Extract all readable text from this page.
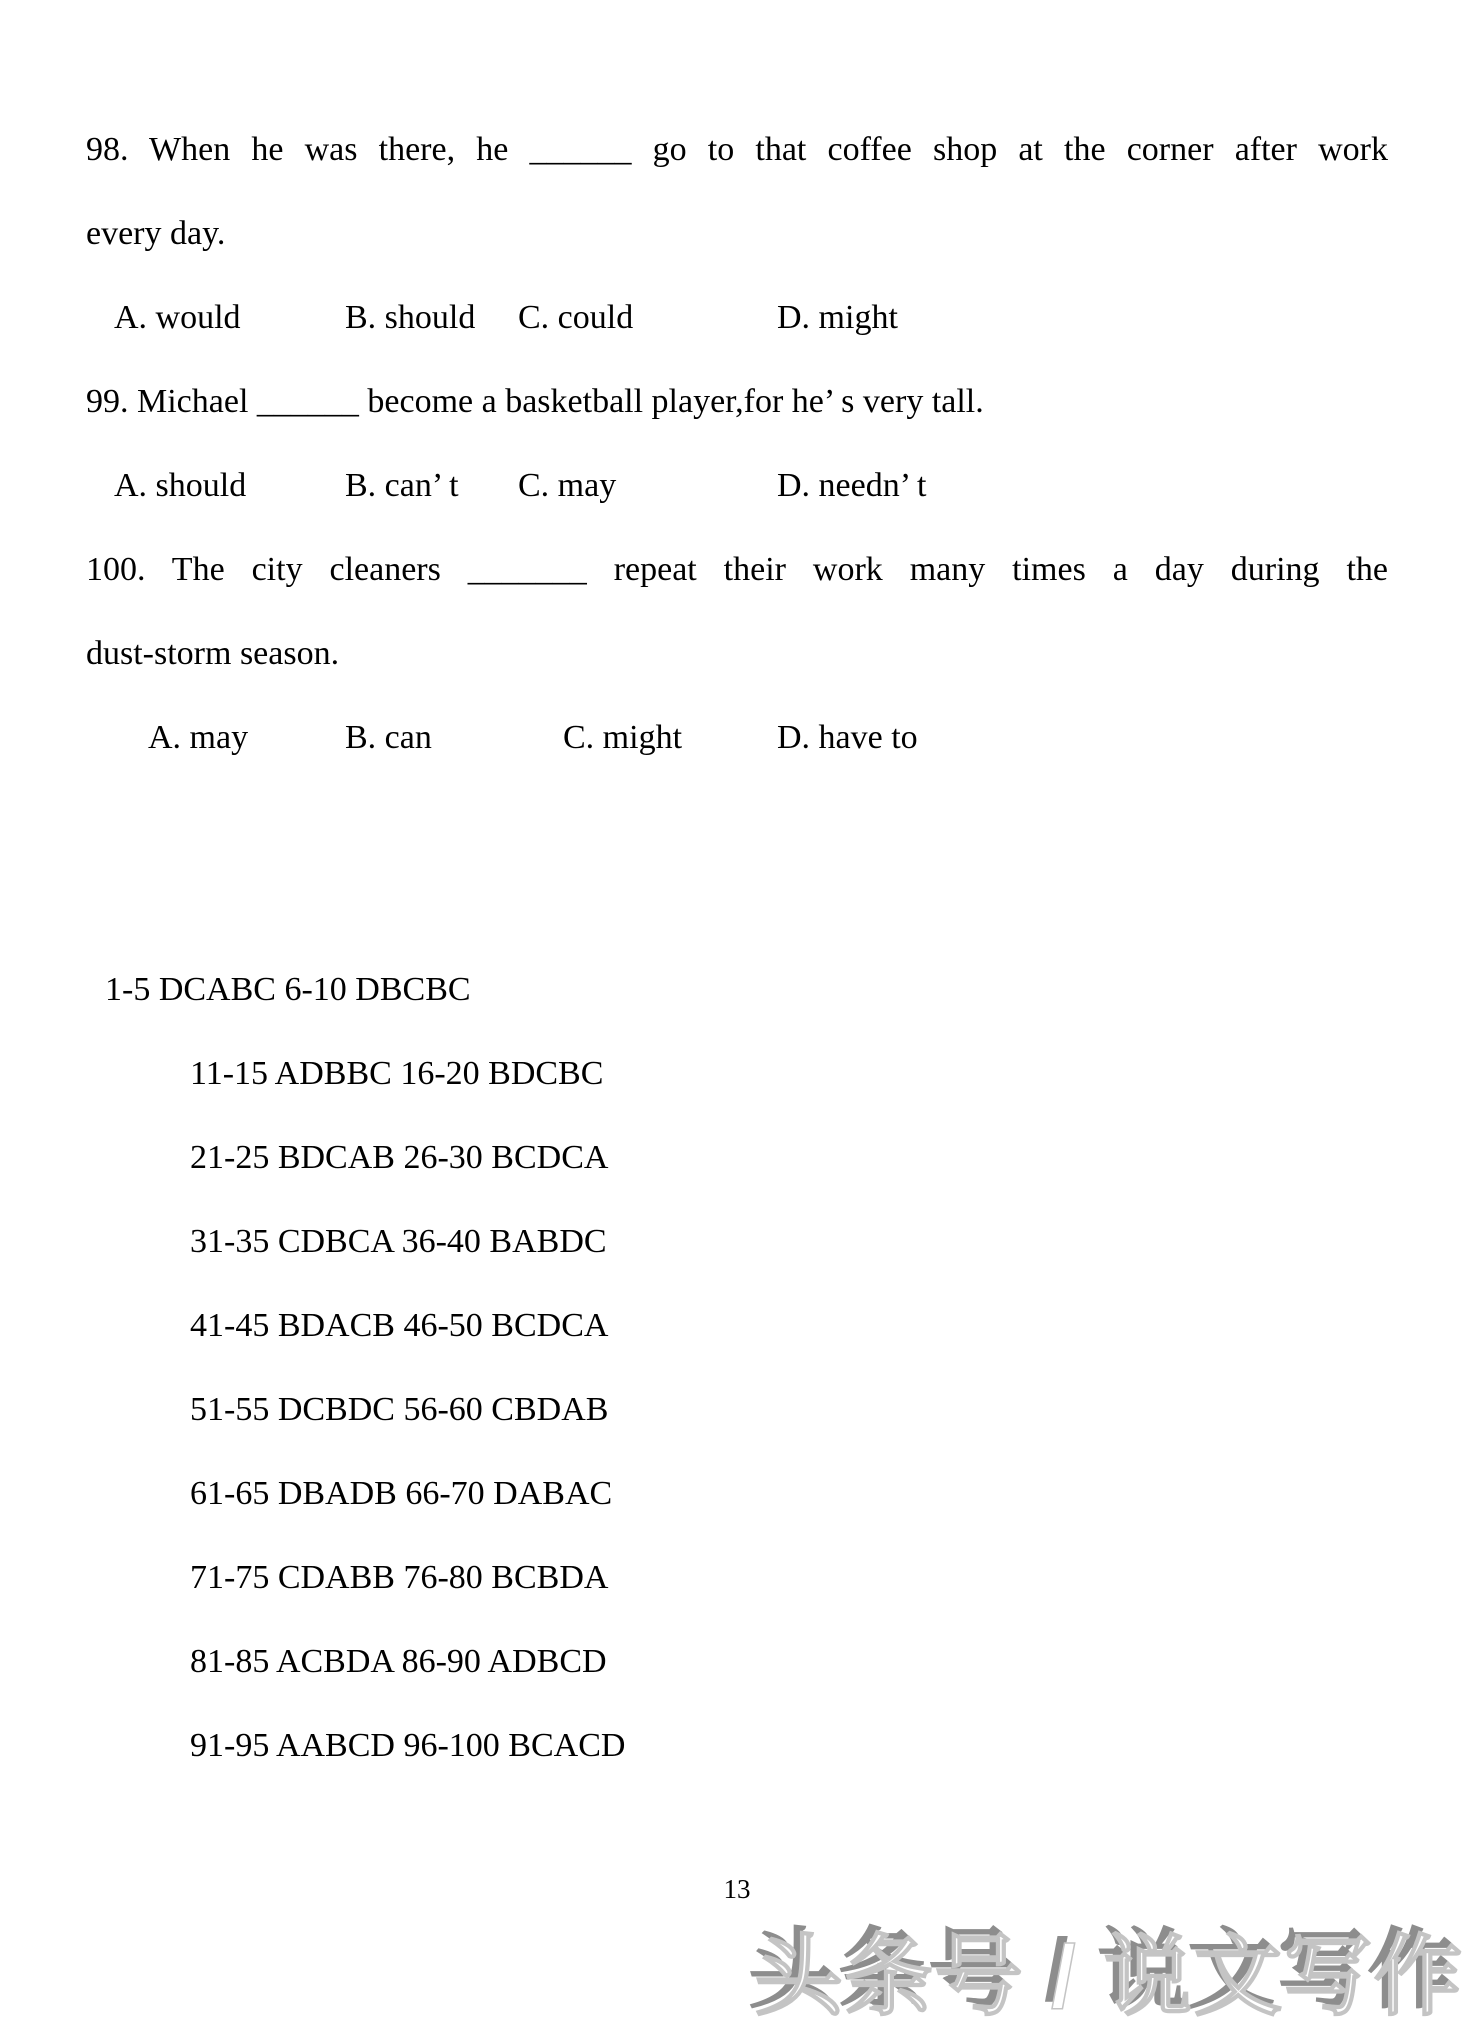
98. When he was there, he ______ go to that coffee shop at the corner after work
every day.
A. would	B. should C. could	D. might
99. Michael ______ become a basketball player,for he’ s very tall.
A. should	B. can’ t C. may	D. needn’ t
100. The city cleaners _______ repeat their work many times a day during the
dust-storm season.
A. may	B. can	C. might	D. have to
1-5 DCABC 6-10 DBCBC
11-15 ADBBC 16-20 BDCBC
21-25 BDCAB 26-30 BCDCA
31-35 CDBCA 36-40 BABDC
41-45 BDACB 46-50 BCDCA
51-55 DCBDC 56-60 CBDAB
61-65 DBADB 66-70 DABAC
71-75 CDABB 76-80 BCBDA
81-85 ACBDA 86-90 ADBCD
91-95 AABCD 96-100 BCACD
13
头条号 / 说文写作
